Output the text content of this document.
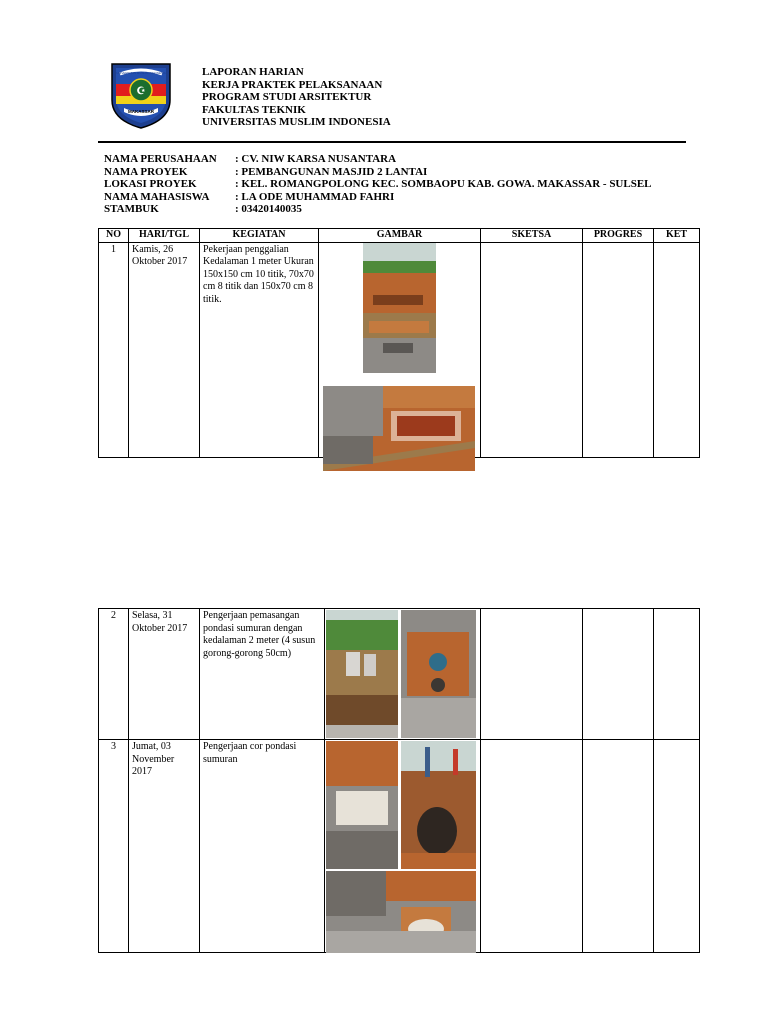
☪
MAKASSAR
UNIVERSITAS MUSLIM INDONESIA	LAPORAN HARIAN
KERJA PRAKTEK PELAKSANAAN
PROGRAM STUDI ARSITEKTUR
FAKULTAS TEKNIK
UNIVERSITAS MUSLIM INDONESIA
NAMA PERUSAHAAN	: CV. NIW KARSA NUSANTARA
NAMA PROYEK	: PEMBANGUNAN MASJID 2 LANTAI
LOKASI PROYEK	: KEL. ROMANGPOLONG KEC. SOMBAOPU KAB. GOWA. MAKASSAR - SULSEL
NAMA MAHASISWA	: LA ODE MUHAMMAD FAHRI
STAMBUK	: 03420140035
NO	HARI/TGL	KEGIATAN	GAMBAR	SKETSA	PROGRES	KET
1	Kamis, 26 Oktober 2017	Pekerjaan penggalian Kedalaman 1 meter Ukuran 150x150 cm 10 titik, 70x70 cm 8 titik dan 150x70 cm 8 titik.	

2	Selasa, 31 Oktober 2017	Pengerjaan pemasangan pondasi sumuran dengan kedalaman 2 meter (4 susun gorong-gorong 50cm)	

3	Jumat, 03 November 2017	Pengerjaan cor pondasi sumuran	
